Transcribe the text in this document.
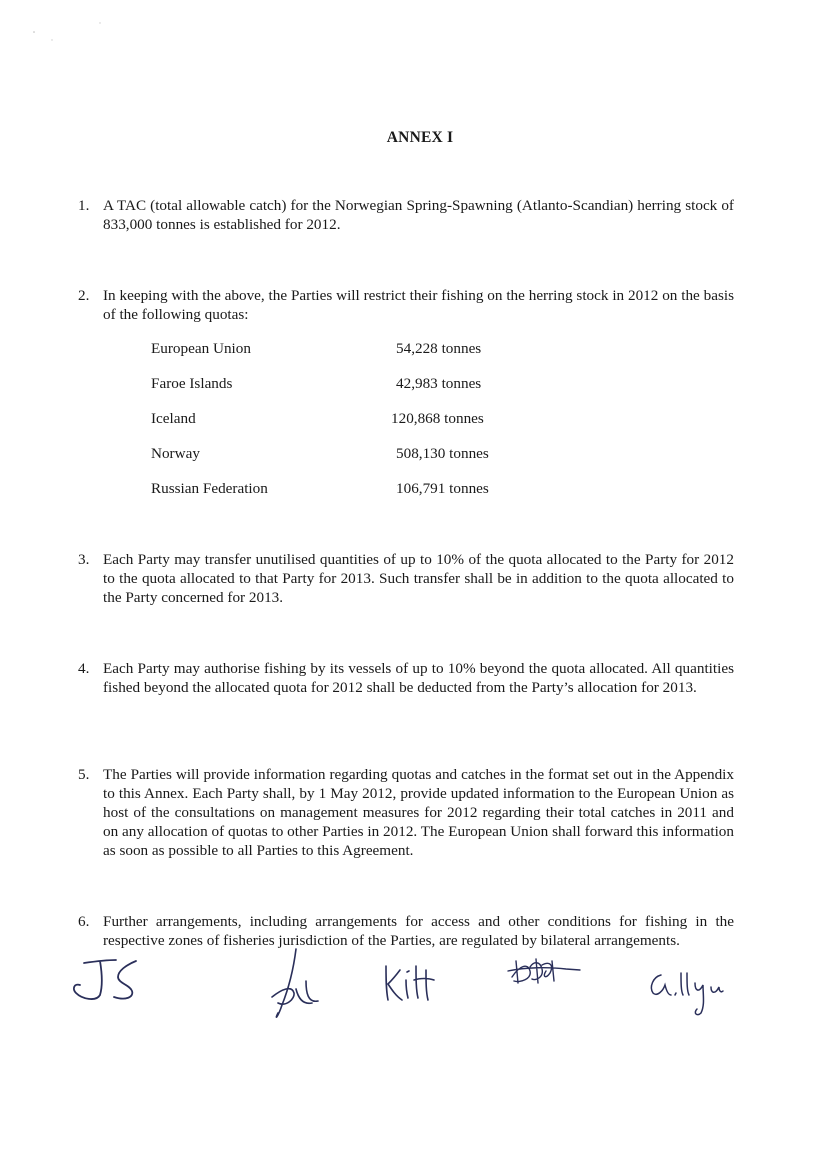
ANNEX I
1. A TAC (total allowable catch) for the Norwegian Spring-Spawning (Atlanto-Scandian) herring stock of 833,000 tonnes is established for 2012.
2. In keeping with the above, the Parties will restrict their fishing on the herring stock in 2012 on the basis of the following quotas:
European Union	54,228 tonnes
Faroe Islands	42,983 tonnes
Iceland	120,868 tonnes
Norway	508,130 tonnes
Russian Federation	106,791 tonnes
3. Each Party may transfer unutilised quantities of up to 10% of the quota allocated to the Party for 2012 to the quota allocated to that Party for 2013. Such transfer shall be in addition to the quota allocated to the Party concerned for 2013.
4. Each Party may authorise fishing by its vessels of up to 10% beyond the quota allocated. All quantities fished beyond the allocated quota for 2012 shall be deducted from the Party’s allocation for 2013.
5. The Parties will provide information regarding quotas and catches in the format set out in the Appendix to this Annex. Each Party shall, by 1 May 2012, provide updated information to the European Union as host of the consultations on management measures for 2012 regarding their total catches in 2011 and on any allocation of quotas to other Parties in 2012. The European Union shall forward this information as soon as possible to all Parties to this Agreement.
6. Further arrangements, including arrangements for access and other conditions for fishing in the respective zones of fisheries jurisdiction of the Parties, are regulated by bilateral arrangements.
